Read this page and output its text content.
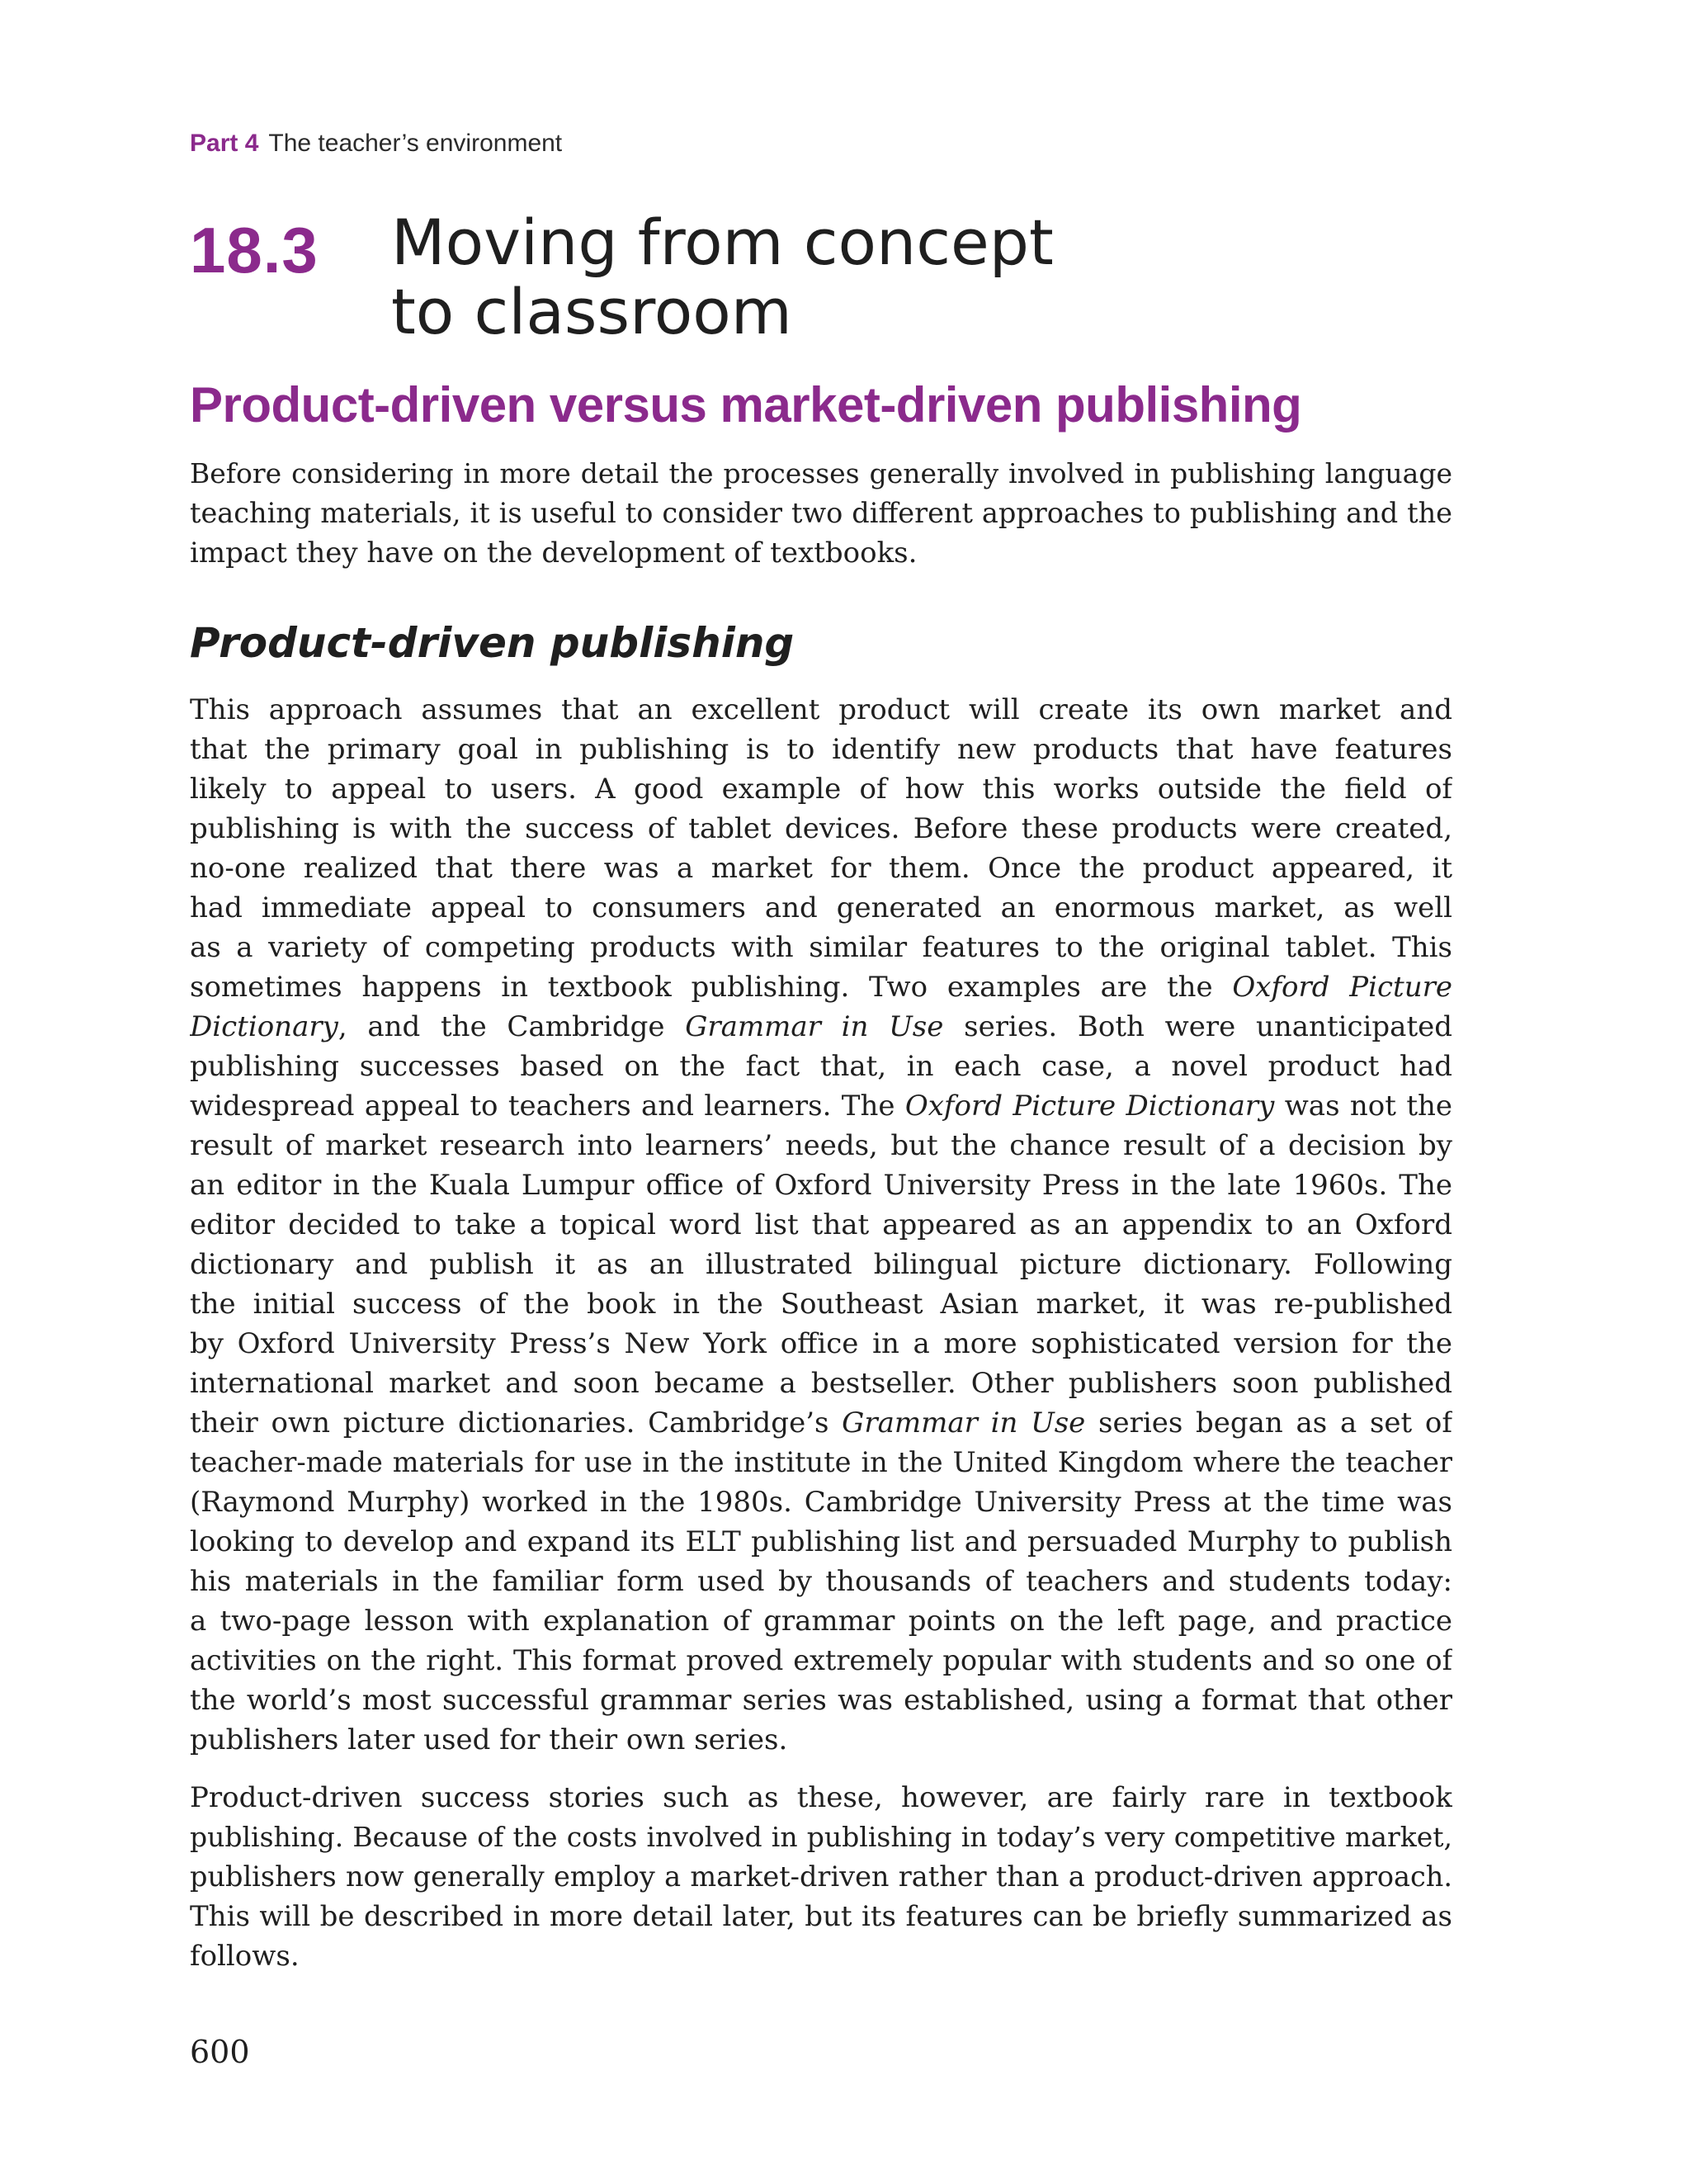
Part 4 The teacher’s environment
18.3 Moving from concept
to classroom
Product-driven versus market-driven publishing

Before considering in more detail the processes generally involved in publishing language
teaching materials, it is useful to consider two different approaches to publishing and the
impact they have on the development of textbooks.

Product-driven publishing

This approach assumes that an excellent product will create its own market and
that the primary goal in publishing is to identify new products that have features
likely to appeal to users. A good example of how this works outside the field of
publishing is with the success of tablet devices. Before these products were created,
no-one realized that there was a market for them. Once the product appeared, it
had immediate appeal to consumers and generated an enormous market, as well
as a variety of competing products with similar features to the original tablet. This
sometimes happens in textbook publishing. Two examples are the Oxford Picture
Dictionary, and the Cambridge Grammar in Use series. Both were unanticipated
publishing successes based on the fact that, in each case, a novel product had
widespread appeal to teachers and learners. The Oxford Picture Dictionary was not the
result of market research into learners’ needs, but the chance result of a decision by
an editor in the Kuala Lumpur office of Oxford University Press in the late 1960s. The
editor decided to take a topical word list that appeared as an appendix to an Oxford
dictionary and publish it as an illustrated bilingual picture dictionary. Following
the initial success of the book in the Southeast Asian market, it was re-published
by Oxford University Press’s New York office in a more sophisticated version for the
international market and soon became a bestseller. Other publishers soon published
their own picture dictionaries. Cambridge’s Grammar in Use series began as a set of
teacher-made materials for use in the institute in the United Kingdom where the teacher
(Raymond Murphy) worked in the 1980s. Cambridge University Press at the time was
looking to develop and expand its ELT publishing list and persuaded Murphy to publish
his materials in the familiar form used by thousands of teachers and students today:
a two-page lesson with explanation of grammar points on the left page, and practice
activities on the right. This format proved extremely popular with students and so one of
the world’s most successful grammar series was established, using a format that other
publishers later used for their own series.

Product-driven success stories such as these, however, are fairly rare in textbook
publishing. Because of the costs involved in publishing in today’s very competitive market,
publishers now generally employ a market-driven rather than a product-driven approach.
This will be described in more detail later, but its features can be briefly summarized as
follows.

600
